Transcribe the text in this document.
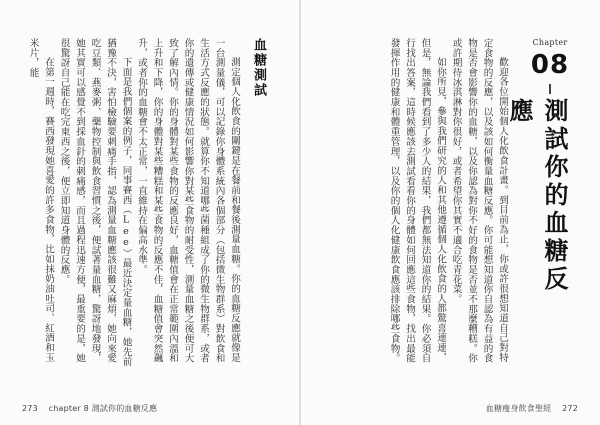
Chapter
08
測試你的血糖反應

歡迎各位開始個人化飲食計畫。到目前為止，你或許很想知道自己對特定食物的反應，以及該如何衡量血糖反應。你可能想知道你自認為有益的食物是否會影響你的血糖，以及你認為對你不好的食物是否並不那麼糟糕。你或許期待冰淇淋對你很好，或者希望你其實不適合吃青花菜。

如你所見，參與我們研究的人和其他遵循個人化飲食的人都驚喜連連，但是，無論我們看到了多少人的結果，我們都無法知道你的結果。你必須自行找出答案，這時候應該去測試看看你的身體如何回應這些食物，找出最能發揮作用的健康和體重管理，以及你的個人化健康飲食應該排除哪些食物。

血糖測試

測定個人化飲食的關鍵是在餐前和餐後測量血糖。你的血糖反應就像是一台測量儀，可以記錄你身體系統內各個部分（包括微生物群系）對飲食和生活方式反應的狀態。就算你不知道哪些菌種組成了你的微生物群系，或者你的遺傳或健康情況如何影響你對某些食物的耐受性，測量血糖之後便可大致了解內情。你的身體對某些食物的反應良好，血糖值會在正常範圍內溫和上升和下降，你的身體對某些糟糕和某些食物的反應不佳，血糖值會突然飆升，或者你的血糖會不太正常，一直維持在偏高水準。

下面是我們個案的例子，同事賽西（Lee）最近決定量血糖，她先前猶豫不決，害怕檢驗要刺痛手指，認為測量血糖應該很難又麻煩，她向來愛吃豆類、燕麥粥、藥物控制與飲食習慣之後，便試著量血糖，驚訝地發現，她其實可以感覺不到採血針的刺痛感，而且過程迅速方便，最重要的是，她很驚訝自己能在吃完東西之後，便立即知道身體的反應。

在第一週時，賽西發現她喜愛的許多食物，比如抹奶油吐司、紅酒和玉米片，能

273 chapter 8 測試你的血糖反應	血糖瘦身飲食聖經 272
